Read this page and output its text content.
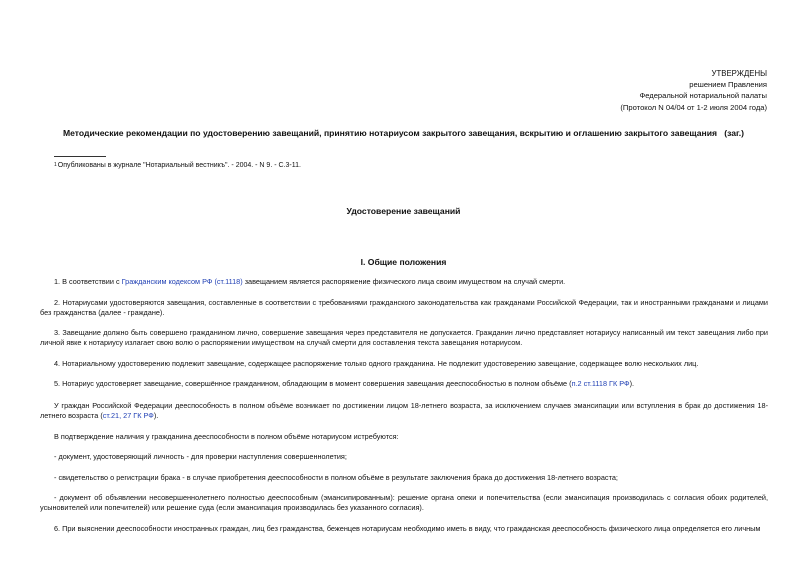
УТВЕРЖДЕНЫ
решением Правления
Федеральной нотариальной палаты
(Протокол N 04/04 от 1-2 июля 2004 года)
Методические рекомендации по удостоверению завещаний, принятию нотариусом закрытого завещания, вскрытию и оглашению закрытого завещания (заг.)
$^1$Опубликованы в журнале "Нотариальный вестникъ". - 2004. - N 9. - С.3-11.
Удостоверение завещаний
I. Общие положения
1. В соответствии с Гражданским кодексом РФ (ст.1118) завещанием является распоряжение физического лица своим имуществом на случай смерти.
2. Нотариусами удостоверяются завещания, составленные в соответствии с требованиями гражданского законодательства как гражданами Российской Федерации, так и иностранными гражданами и лицами без гражданства (далее - граждане).
3. Завещание должно быть совершено гражданином лично, совершение завещания через представителя не допускается. Гражданин лично представляет нотариусу написанный им текст завещания либо при личной явке к нотариусу излагает свою волю о распоряжении имуществом на случай смерти для составления текста завещания нотариусом.
4. Нотариальному удостоверению подлежит завещание, содержащее распоряжение только одного гражданина. Не подлежит удостоверению завещание, содержащее волю нескольких лиц.
5. Нотариус удостоверяет завещание, совершённое гражданином, обладающим в момент совершения завещания дееспособностью в полном объёме (п.2 ст.1118 ГК РФ).
У граждан Российской Федерации дееспособность в полном объёме возникает по достижении лицом 18-летнего возраста, за исключением случаев эмансипации или вступления в брак до достижения 18-летнего возраста (ст.21, 27 ГК РФ).
В подтверждение наличия у гражданина дееспособности в полном объёме нотариусом истребуются:
- документ, удостоверяющий личность - для проверки наступления совершеннолетия;
- свидетельство о регистрации брака - в случае приобретения дееспособности в полном объёме в результате заключения брака до достижения 18-летнего возраста;
- документ об объявлении несовершеннолетнего полностью дееспособным (эмансипированным): решение органа опеки и попечительства (если эмансипация производилась с согласия обоих родителей, усыновителей или попечителей) или решение суда (если эмансипация производилась без указанного согласия).
6. При выяснении дееспособности иностранных граждан, лиц без гражданства, беженцев нотариусам необходимо иметь в виду, что гражданская дееспособность физического лица определяется его личным
